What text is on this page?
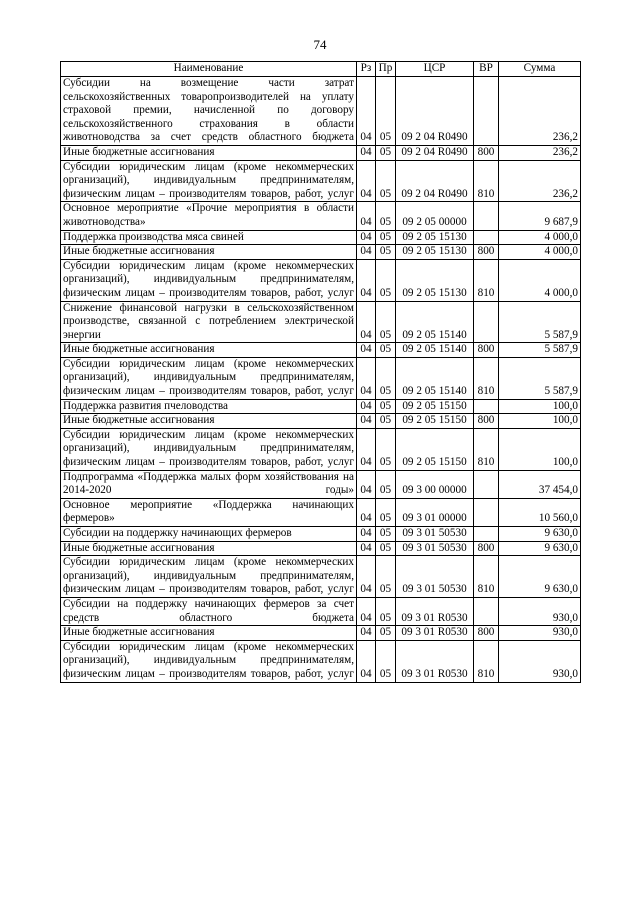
74
Наименование	Рз	Пр	ЦСР	ВР	Сумма
Субсидии на возмещение части затрат сельскохозяйственных товаропроизводителей на уплату страховой премии, начисленной по договору сельскохозяйственного страхования в области животноводства за счет средств областного бюджета	04	05	09 2 04 R0490		236,2
Иные бюджетные ассигнования	04	05	09 2 04 R0490	800	236,2
Субсидии юридическим лицам (кроме некоммерческих организаций), индивидуальным предпринимателям, физическим лицам – производителям товаров, работ, услуг	04	05	09 2 04 R0490	810	236,2
Основное мероприятие «Прочие мероприятия в области животноводства»	04	05	09 2 05 00000		9 687,9
Поддержка производства мяса свиней	04	05	09 2 05 15130		4 000,0
Иные бюджетные ассигнования	04	05	09 2 05 15130	800	4 000,0
Субсидии юридическим лицам (кроме некоммерческих организаций), индивидуальным предпринимателям, физическим лицам – производителям товаров, работ, услуг	04	05	09 2 05 15130	810	4 000,0
Снижение финансовой нагрузки в сельскохозяйственном производстве, связанной с потреблением электрической энергии	04	05	09 2 05 15140		5 587,9
Иные бюджетные ассигнования	04	05	09 2 05 15140	800	5 587,9
Субсидии юридическим лицам (кроме некоммерческих организаций), индивидуальным предпринимателям, физическим лицам – производителям товаров, работ, услуг	04	05	09 2 05 15140	810	5 587,9
Поддержка развития пчеловодства	04	05	09 2 05 15150		100,0
Иные бюджетные ассигнования	04	05	09 2 05 15150	800	100,0
Субсидии юридическим лицам (кроме некоммерческих организаций), индивидуальным предпринимателям, физическим лицам – производителям товаров, работ, услуг	04	05	09 2 05 15150	810	100,0
Подпрограмма «Поддержка малых форм хозяйствования на 2014-2020 годы»	04	05	09 3 00 00000		37 454,0
Основное мероприятие «Поддержка начинающих фермеров»	04	05	09 3 01 00000		10 560,0
Субсидии на поддержку начинающих фермеров	04	05	09 3 01 50530		9 630,0
Иные бюджетные ассигнования	04	05	09 3 01 50530	800	9 630,0
Субсидии юридическим лицам (кроме некоммерческих организаций), индивидуальным предпринимателям, физическим лицам – производителям товаров, работ, услуг	04	05	09 3 01 50530	810	9 630,0
Субсидии на поддержку начинающих фермеров за счет средств областного бюджета	04	05	09 3 01 R0530		930,0
Иные бюджетные ассигнования	04	05	09 3 01 R0530	800	930,0
Субсидии юридическим лицам (кроме некоммерческих организаций), индивидуальным предпринимателям, физическим лицам – производителям товаров, работ, услуг	04	05	09 3 01 R0530	810	930,0
